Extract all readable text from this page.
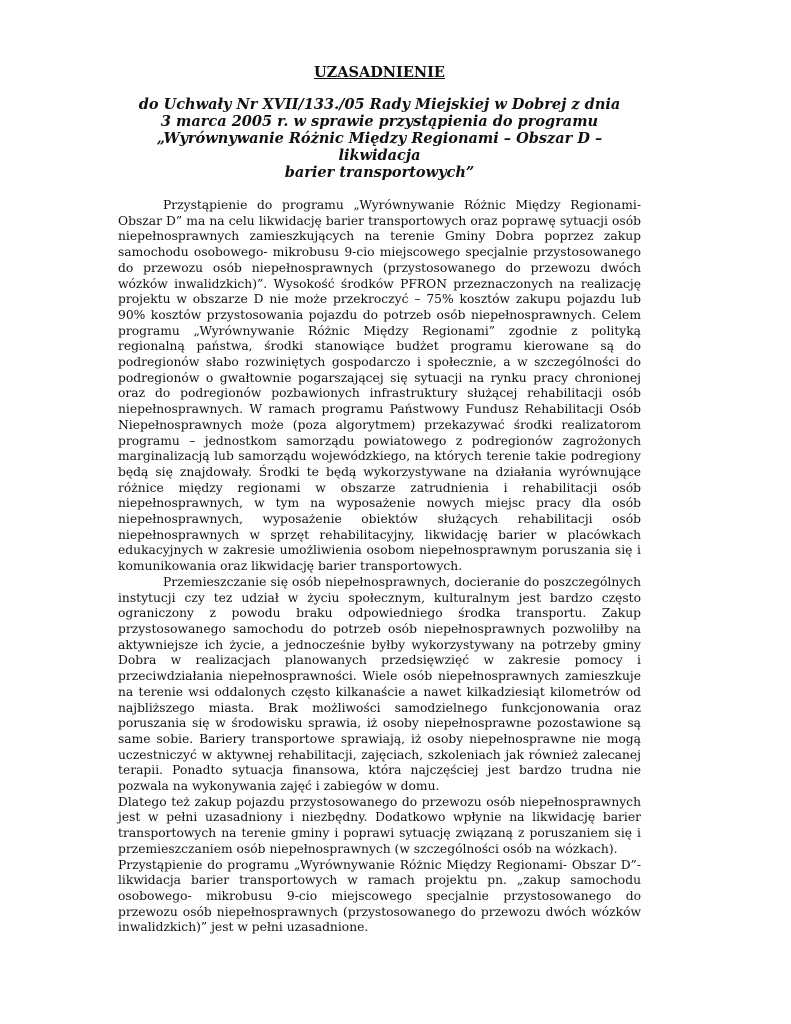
UZASADNIENIE
do Uchwały Nr XVII/133./05 Rady Miejskiej w Dobrej z dnia
3 marca 2005 r. w sprawie przystąpienia do programu
„Wyrównywanie Różnic Między Regionami – Obszar D – likwidacja
barier transportowych”

Przystąpienie do programu „Wyrównywanie Różnic Między Regionami- Obszar D” ma na celu likwidację barier transportowych oraz poprawę sytuacji osób niepełnosprawnych zamieszkujących na terenie Gminy Dobra poprzez zakup samochodu osobowego- mikrobusu 9-cio miejscowego specjalnie przystosowanego do przewozu osób niepełnosprawnych (przystosowanego do przewozu dwóch wózków inwalidzkich)”. Wysokość środków PFRON przeznaczonych na realizację projektu w obszarze D nie może przekroczyć – 75% kosztów zakupu pojazdu lub 90% kosztów przystosowania pojazdu do potrzeb osób niepełnosprawnych. Celem programu „Wyrównywanie Różnic Między Regionami” zgodnie z polityką regionalną państwa, środki stanowiące budżet programu kierowane są do podregionów słabo rozwiniętych gospodarczo i społecznie, a w szczególności do podregionów o gwałtownie pogarszającej się sytuacji na rynku pracy chronionej oraz do podregionów pozbawionych infrastruktury służącej rehabilitacji osób niepełnosprawnych. W ramach programu Państwowy Fundusz Rehabilitacji Osób Niepełnosprawnych może (poza algorytmem) przekazywać środki realizatorom programu – jednostkom samorządu powiatowego z podregionów zagrożonych marginalizacją lub samorządu wojewódzkiego, na których terenie takie podregiony będą się znajdowały. Środki te będą wykorzystywane na działania wyrównujące różnice między regionami w obszarze zatrudnienia i rehabilitacji osób niepełnosprawnych, w tym na wyposażenie nowych miejsc pracy dla osób niepełnosprawnych, wyposażenie obiektów służących rehabilitacji osób niepełnosprawnych w sprzęt rehabilitacyjny, likwidację barier w placówkach edukacyjnych w zakresie umożliwienia osobom niepełnosprawnym poruszania się i komunikowania oraz likwidację barier transportowych.

Przemieszczanie się osób niepełnosprawnych, docieranie do poszczególnych instytucji czy tez udział w życiu społecznym, kulturalnym jest bardzo często ograniczony z powodu braku odpowiedniego środka transportu. Zakup przystosowanego samochodu do potrzeb osób niepełnosprawnych pozwoliłby na aktywniejsze ich życie, a jednocześnie byłby wykorzystywany na potrzeby gminy Dobra w realizacjach planowanych przedsięwzięć w zakresie pomocy i przeciwdziałania niepełnosprawności. Wiele osób niepełnosprawnych zamieszkuje na terenie wsi oddalonych często kilkanaście a nawet kilkadziesiąt kilometrów od najbliższego miasta. Brak możliwości samodzielnego funkcjonowania oraz poruszania się w środowisku sprawia, iż osoby niepełnosprawne pozostawione są same sobie. Bariery transportowe sprawiają, iż osoby niepełnosprawne nie mogą uczestniczyć w aktywnej rehabilitacji, zajęciach, szkoleniach jak również zalecanej terapii. Ponadto sytuacja finansowa, która najczęściej jest bardzo trudna nie pozwala na wykonywania zajęć i zabiegów w domu.

Dlatego też zakup pojazdu przystosowanego do przewozu osób niepełnosprawnych jest w pełni uzasadniony i niezbędny. Dodatkowo wpłynie na likwidację barier transportowych na terenie gminy i poprawi sytuację związaną z poruszaniem się i przemieszczaniem osób niepełnosprawnych (w szczególności osób na wózkach).

Przystąpienie do programu „Wyrównywanie Różnic Między Regionami- Obszar D”- likwidacja barier transportowych w ramach projektu pn. „zakup samochodu osobowego- mikrobusu 9-cio miejscowego specjalnie przystosowanego do przewozu osób niepełnosprawnych (przystosowanego do przewozu dwóch wózków inwalidzkich)” jest w pełni uzasadnione.
